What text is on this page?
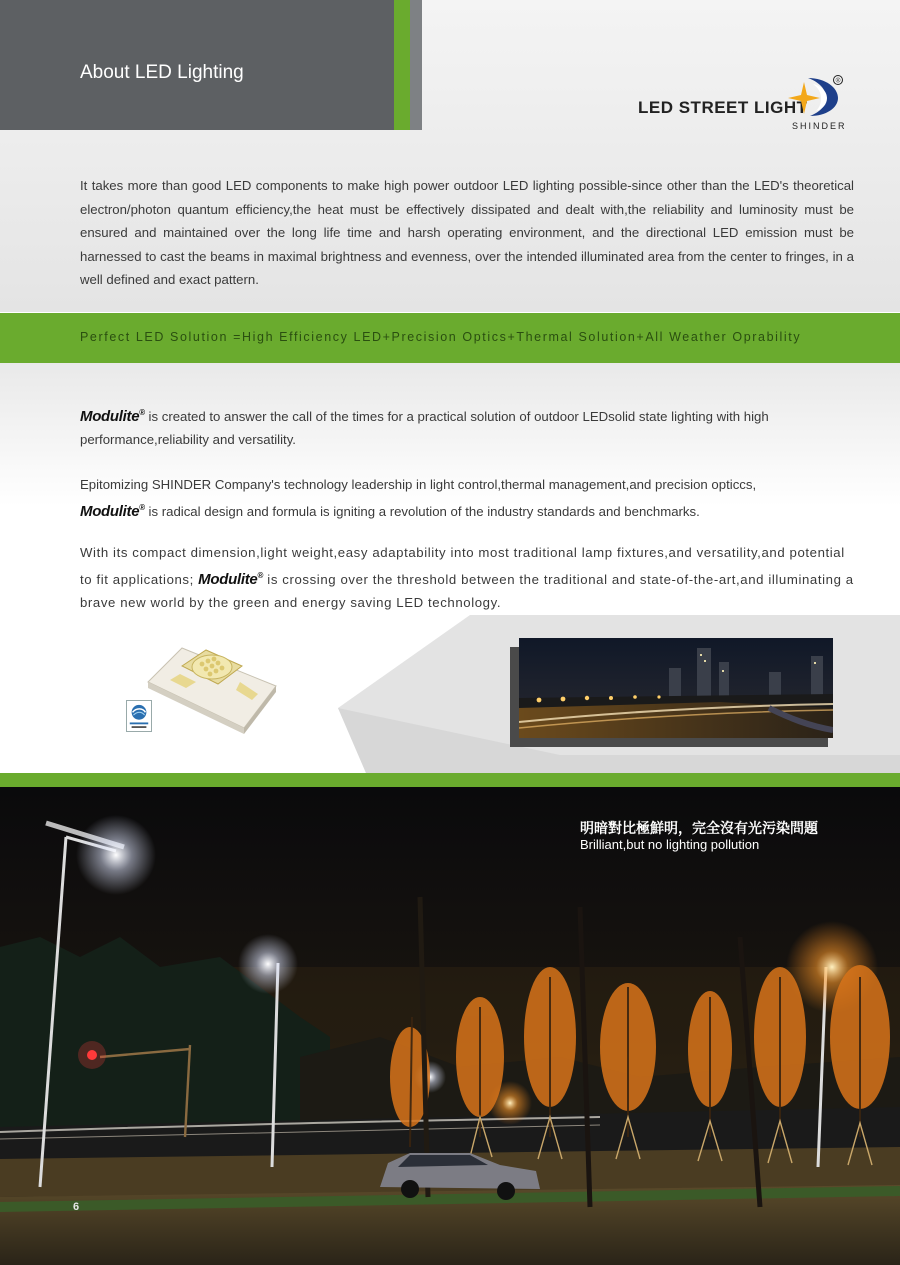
About LED Lighting
LED STREET LIGHT
®
SHINDER

It takes more than good LED components to make high power outdoor LED lighting possible-since other than the LED's theoretical electron/photon quantum efficiency,the heat must be effectively dissipated and dealt with,the reliability and luminosity must be ensured and maintained over the long life time and harsh operating environment, and the directional LED emission must be harnessed to cast the beams in maximal brightness and evenness, over the intended illuminated area from the center to fringes, in a well defined and exact pattern.

Perfect LED Solution =High Efficiency LED+Precision Optics+Thermal Solution+All Weather Oprability

Modulite® is created to answer the call of the times for a practical solution of outdoor LEDsolid state lighting with high performance,reliability and versatility.

Epitomizing SHINDER Company's technology leadership in light control,thermal management,and precision opticcs,
Modulite® is radical design and formula is igniting a revolution of the industry standards and benchmarks.

With its compact dimension,light weight,easy adaptability into most traditional lamp fixtures,and versatility,and potential to fit applications; Modulite® is crossing over the threshold between the traditional and state-of-the-art,and illuminating a brave new world by the green and energy saving LED technology.

明暗對比極鮮明，完全沒有光污染問題
Brilliant,but no lighting pollution
6
